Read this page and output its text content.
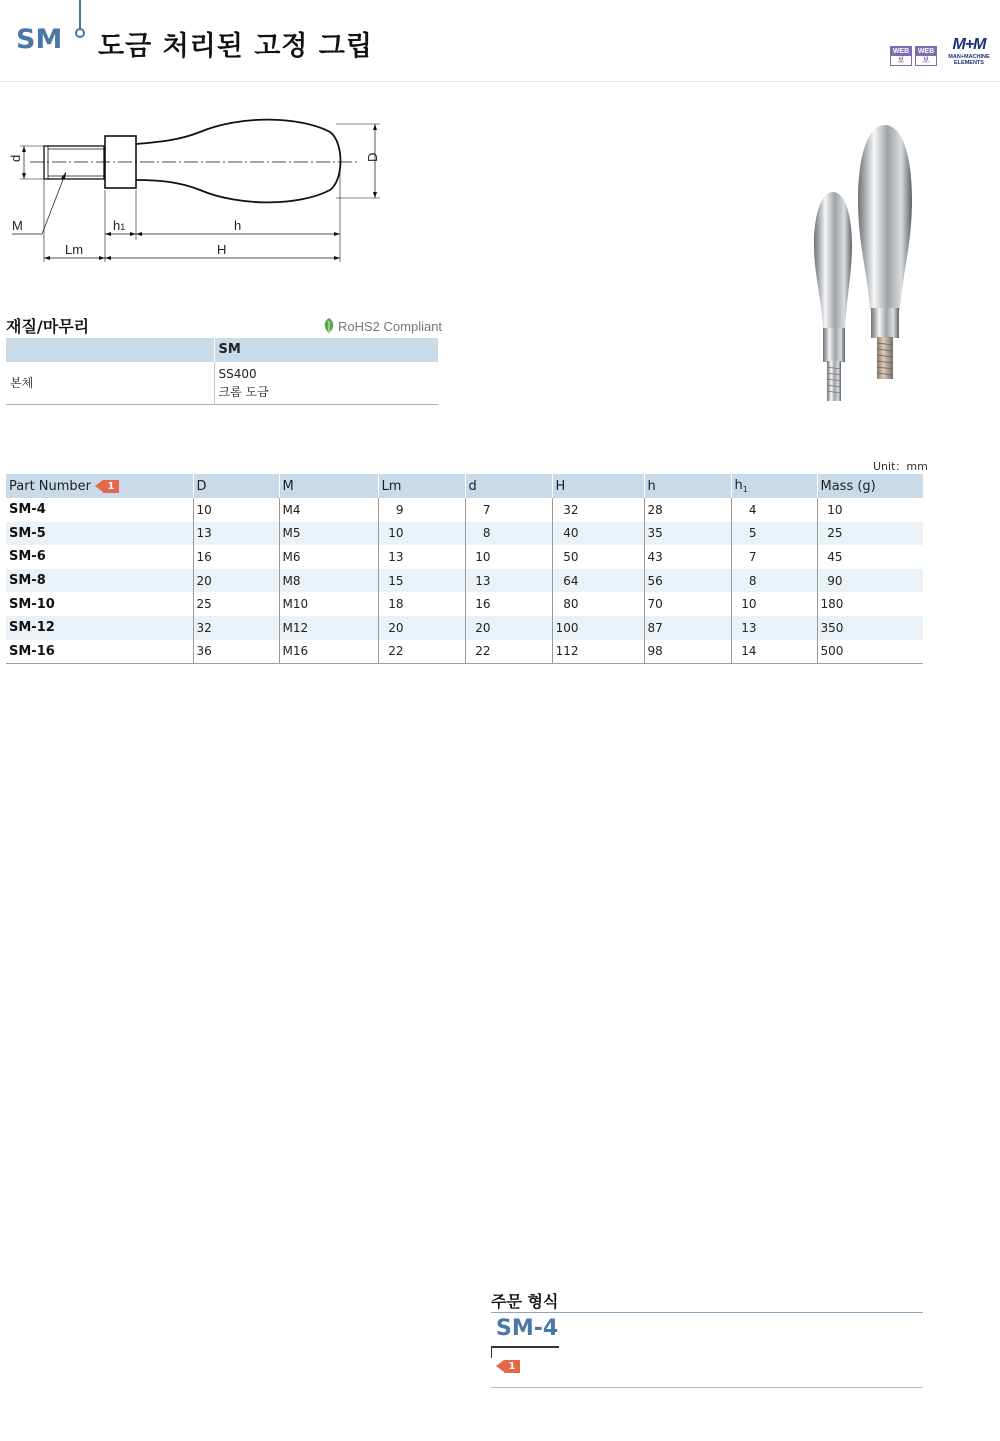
SM 도금 처리된 고정 그립	WEB
보
WEB
보
M+M
MAN+MACHINE
ELEMENTS
d	D
M	h1	h
Lm	H
재질/마무리	RoHS2 Compliant
	SM
본체	SS400
크롬 도금
Unit：mm
Part Number 1	D	M	Lm	d	H	h	$h_1$	Mass (g)
SM-4	10	M4	9	7	32	28	4	10
SM-5	13	M5	10	8	40	35	5	25
SM-6	16	M6	13	10	50	43	7	45
SM-8	20	M8	15	13	64	56	8	90
SM-10	25	M10	18	16	80	70	10	180
SM-12	32	M12	20	20	100	87	13	350
SM-16	36	M16	22	22	112	98	14	500
주문 형식
SM-4
1
